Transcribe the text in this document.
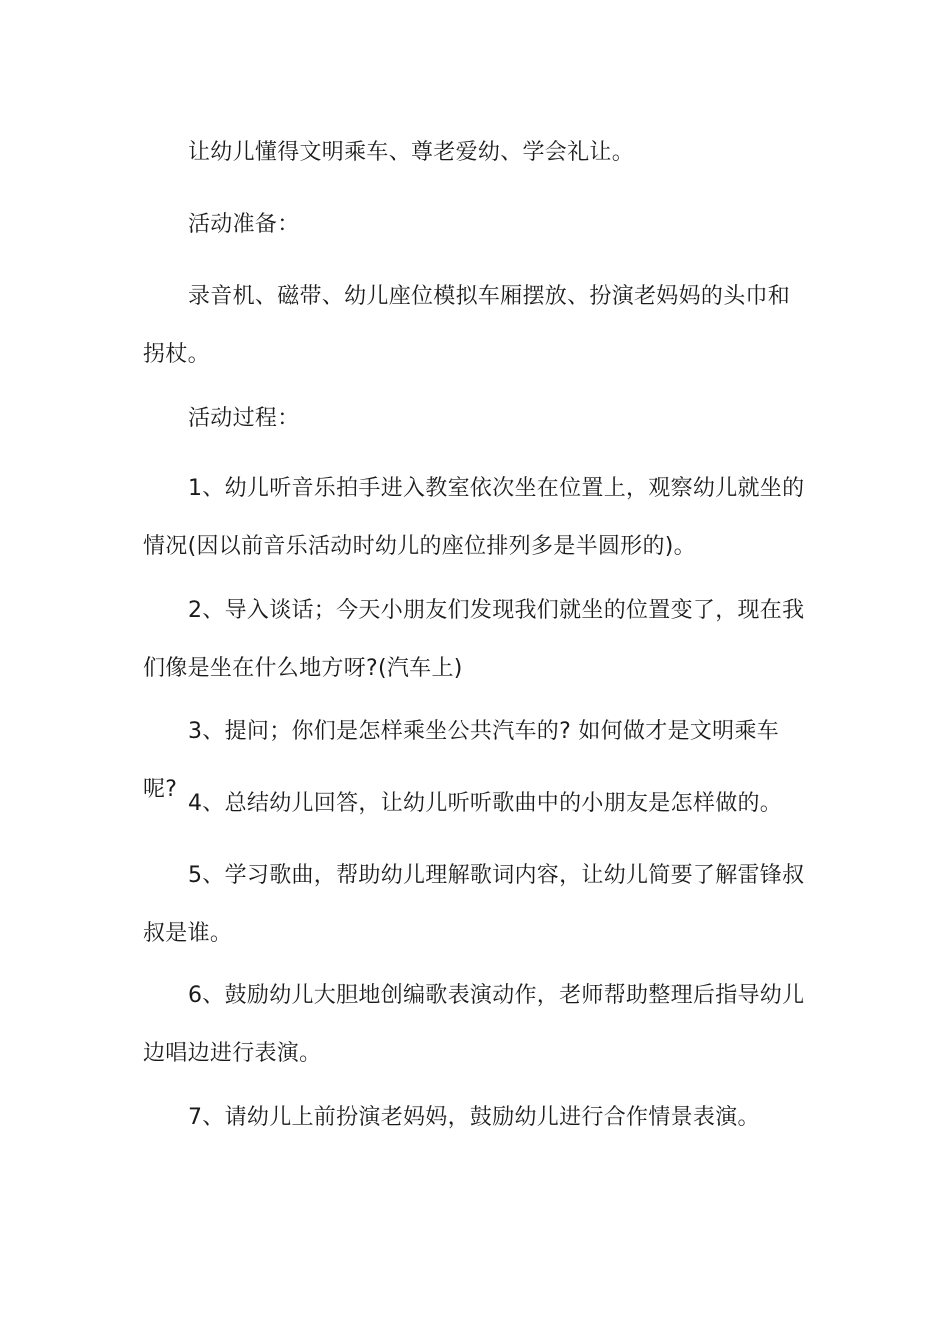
让幼儿懂得文明乘车、尊老爱幼、学会礼让。

活动准备：

录音机、磁带、幼儿座位模拟车厢摆放、扮演老妈妈的头巾和拐杖。

活动过程：

1、幼儿听音乐拍手进入教室依次坐在位置上，观察幼儿就坐的情况(因以前音乐活动时幼儿的座位排列多是半圆形的)。

2、导入谈话；今天小朋友们发现我们就坐的位置变了，现在我们像是坐在什么地方呀?(汽车上)

3、提问；你们是怎样乘坐公共汽车的? 如何做才是文明乘车呢?

4、总结幼儿回答，让幼儿听听歌曲中的小朋友是怎样做的。

5、学习歌曲，帮助幼儿理解歌词内容，让幼儿简要了解雷锋叔叔是谁。

6、鼓励幼儿大胆地创编歌表演动作，老师帮助整理后指导幼儿边唱边进行表演。

7、请幼儿上前扮演老妈妈，鼓励幼儿进行合作情景表演。
